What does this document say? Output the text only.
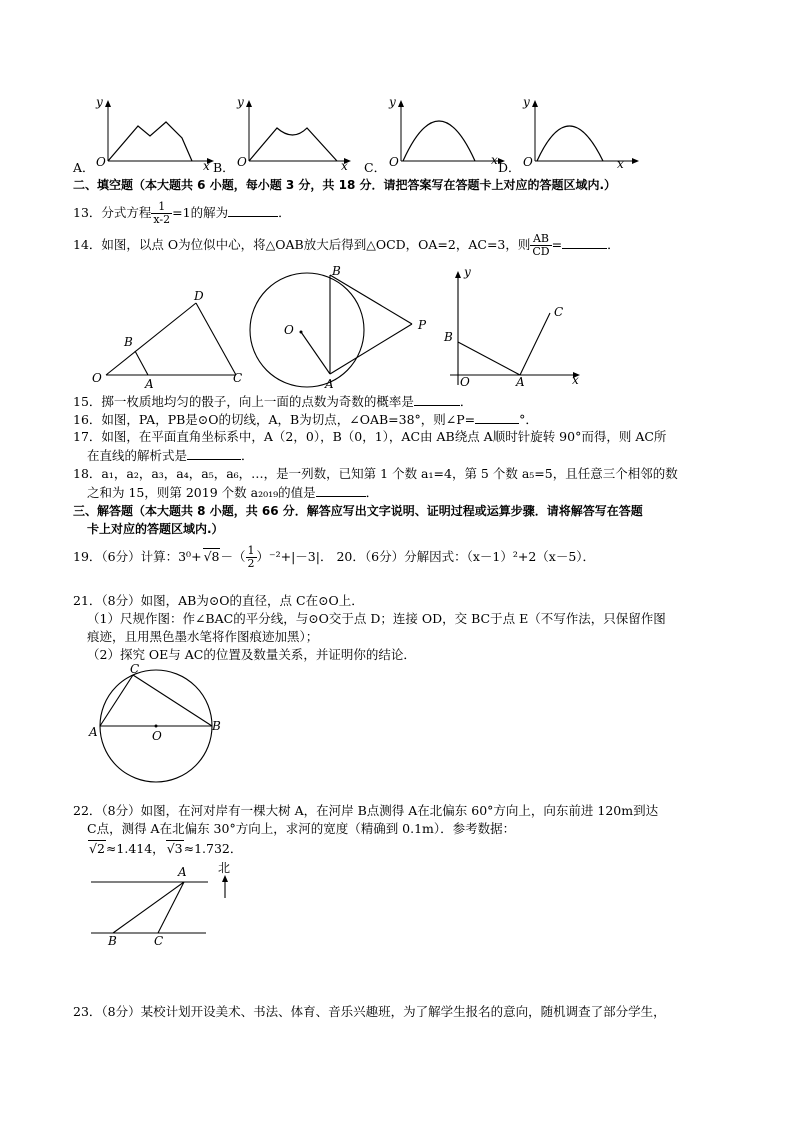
y
O	x
A．
y
O	x
B．
y
O	x
C．
y
O	x
D．
二、填空题（本大题共 6 小题，每小题 3 分，共 18 分．请把答案写在答题卡上对应的答题区域内.）
13．分式方程 $\frac{1}{x-2} =1$的解为	．
14．如图，以点 O为位似中心，将△OAB放大后得到△OCD，OA=2，AC=3，则 $\frac{AB}{CD}$ =	．
D
B
O	A	C
B
O	P
A
y
B
O	A
C
x
15．掷一枚质地均匀的骰子，向上一面的点数为奇数的概率是	．
16．如图，PA，PB是⊙O的切线，A，B为切点，∠OAB=38°，则∠P=	°．
17．如图，在平面直角坐标系中，A（2，0），B（0，1），AC由 AB绕点 A顺时针旋转 90°而得，则 AC所
在直线的解析式是	．
18．a₁，a₂，a₃，a₄，a₅，a₆，…，是一列数，已知第 1 个数 a₁=4，第 5 个数 a₅=5，且任意三个相邻的数
之和为 15，则第 2019 个数 a₂₀₁₉的值是	．
三、解答题（本大题共 8 小题，共 66 分．解答应写出文字说明、证明过程或运算步骤．请将解答写在答题
卡上对应的答题区域内.）
19．（6分）计算：$3^0+ √8-( \frac{1}{2} )^{-2}+|-3|$． 20．（6分）分解因式：（x－1）²+2（x－5）．
21．（8分）如图，AB为⊙O的直径，点 C在⊙O上．
（1）尺规作图：作∠BAC的平分线，与⊙O交于点 D；连接 OD，交 BC于点 E（不写作法，只保留作图
痕迹，且用黑色墨水笔将作图痕迹加黑）；
（2）探究 OE与 AC的位置及数量关系，并证明你的结论．
C
A	O
B
22．（8分）如图，在河对岸有一棵大树 A，在河岸 B点测得 A在北偏东 60°方向上，向东前进 120m到达
C点，测得 A在北偏东 30°方向上，求河的宽度（精确到 0.1m）．参考数据：
√2≈1.414， √3≈1.732．
A	北
B	C
23．（8分）某校计划开设美术、书法、体育、音乐兴趣班，为了解学生报名的意向，随机调查了部分学生，
